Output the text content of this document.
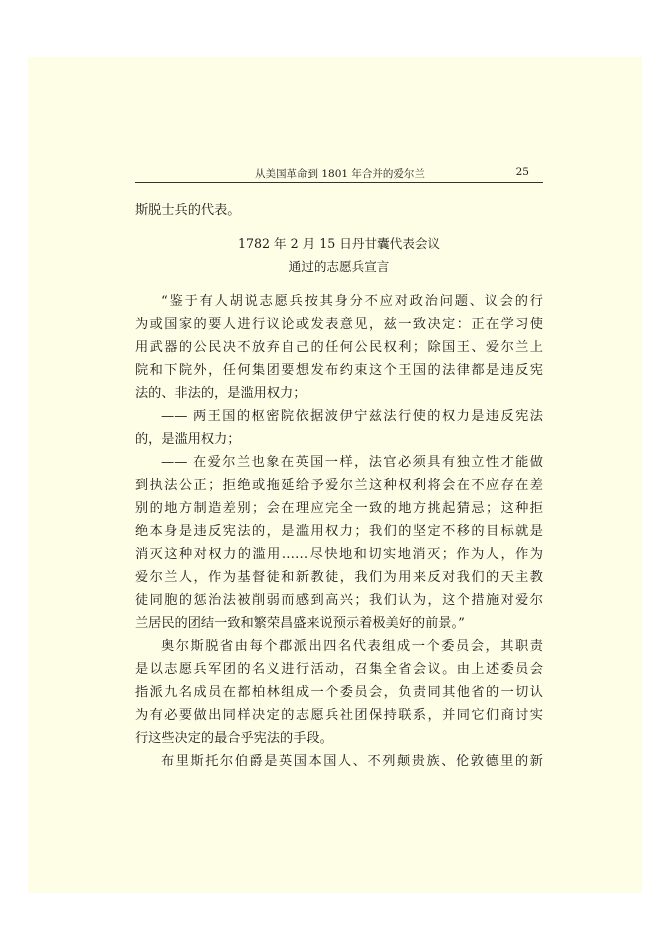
从美国革命到 1801 年合并的爱尔兰	25
斯脱士兵的代表。
1782 年 2 月 15 日丹甘囊代表会议
通过的志愿兵宣言
“鉴于有人胡说志愿兵按其身分不应对政治问题、议会的行
为或国家的要人进行议论或发表意见，兹一致决定：正在学习使
用武器的公民决不放弃自己的任何公民权利；除国王、爱尔兰上
院和下院外，任何集团要想发布约束这个王国的法律都是违反宪
法的、非法的，是滥用权力；
—— 两王国的枢密院依据波伊宁兹法行使的权力是违反宪法
的，是滥用权力；
—— 在爱尔兰也象在英国一样，法官必须具有独立性才能做
到执法公正；拒绝或拖延给予爱尔兰这种权利将会在不应存在差
别的地方制造差别；会在理应完全一致的地方挑起猜忌；这种拒
绝本身是违反宪法的，是滥用权力；我们的坚定不移的目标就是
消灭这种对权力的滥用……尽快地和切实地消灭；作为人，作为
爱尔兰人，作为基督徒和新教徒，我们为用来反对我们的天主教
徒同胞的惩治法被削弱而感到高兴；我们认为，这个措施对爱尔
兰居民的团结一致和繁荣昌盛来说预示着极美好的前景。”
奥尔斯脱省由每个郡派出四名代表组成一个委员会，其职责
是以志愿兵军团的名义进行活动，召集全省会议。由上述委员会
指派九名成员在都柏林组成一个委员会，负责同其他省的一切认
为有必要做出同样决定的志愿兵社团保持联系，并同它们商讨实
行这些决定的最合乎宪法的手段。
布里斯托尔伯爵是英国本国人、不列颠贵族、伦敦德里的新
